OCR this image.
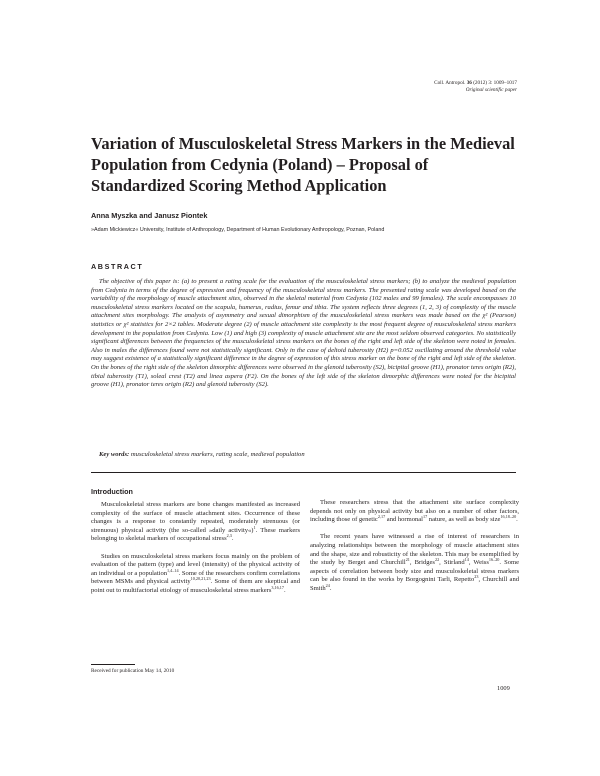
Coll. Antropol. 36 (2012) 3: 1009–1017
Original scientific paper
Variation of Musculoskeletal Stress Markers in the Medieval Population from Cedynia (Poland) – Proposal of Standardized Scoring Method Application

Anna Myszka and Janusz Piontek

»Adam Mickiewicz« University, Institute of Anthropology, Department of Human Evolutionary Anthropology, Poznan, Poland

ABSTRACT

The objective of this paper is: (a) to present a rating scale for the evaluation of the musculoskeletal stress markers; (b) to analyze the medieval population from Cedynia in terms of the degree of expression and frequency of the musculoskeletal stress markers. The presented rating scale was developed based on the variability of the morphology of muscle attachment sites, observed in the skeletal material from Cedynia (102 males and 99 females). The scale encompasses 10 musculoskeletal stress markers located on the scapula, humerus, radius, femur and tibia. The system reflects three degrees (1, 2, 3) of complexity of the muscle attachment sites morphology. The analysis of asymmetry and sexual dimorphism of the musculoskeletal stress markers was made based on the χ² (Pearson) statistics or χ² statistics for 2×2 tables. Moderate degree (2) of muscle attachment site complexity is the most frequent degree of musculoskeletal stress markers development in the population from Cedynia. Low (1) and high (3) complexity of muscle attachment site are the most seldom observed categories. No statistically significant differences between the frequencies of the musculoskeletal stress markers on the bones of the right and left side of the skeleton were noted in females. Also in males the differences found were not statistically significant. Only in the case of deltoid tuberosity (H2) p=0.052 oscillating around the threshold value may suggest existence of a statistically significant difference in the degree of expression of this stress marker on the bone of the right and left side of the skeleton. On the bones of the right side of the skeleton dimorphic differences were observed in the glenoid tuberosity (S2), bicipital groove (H1), pronator teres origin (R2), tibial tuberosity (T1), soleal crest (T2) and linea aspera (F2). On the bones of the left side of the skeleton dimorphic differences were noted for the bicipital groove (H1), pronator teres origin (R2) and glenoid tuberosity (S2).

Key words: musculoskeletal stress markers, rating scale, medieval population

Introduction

Musculoskeletal stress markers are bone changes manifested as increased complexity of the surface of muscle attachment sites. Occurrence of these changes is a response to constantly repeated, moderately strenuous (or strenuous) physical activity (the so-called »daily activity«)$^1$. These markers belonging to skeletal markers of occupational stress$^{2,3}$.

Studies on musculoskeletal stress markers focus mainly on the problem of evaluation of the pattern (type) and level (intensity) of the physical activity of an individual or a population$^{1,4-14}$. Some of the researchers confirm correlations between MSMs and physical activity$^{10,20,21,23}$. Some of them are skeptical and point out to multifactorial etiology of musculoskeletal stress markers$^{3,16,17}$.

These researchers stress that the attachment site surface complexity depends not only on physical activity but also on a number of other factors, including those of genetic$^{2,17}$ and hormonal$^{17}$ nature, as well as body size$^{16,18-20}$.

The recent years have witnessed a rise of interest of researchers in analyzing relationships between the morphology of muscle attachment sites and the shape, size and robusticity of the skeleton. This may be exemplified by the study by Berget and Churchill$^{21}$, Bridges$^{22}$, Stirland$^{14}$, Weiss$^{16-20}$. Some aspects of correlation between body size and musculoskeletal stress markers can be also found in the works by Borgognini Tarli, Repetto$^{23}$, Churchill and Smith$^{24}$.

Received for publication May 14, 2010

1009
